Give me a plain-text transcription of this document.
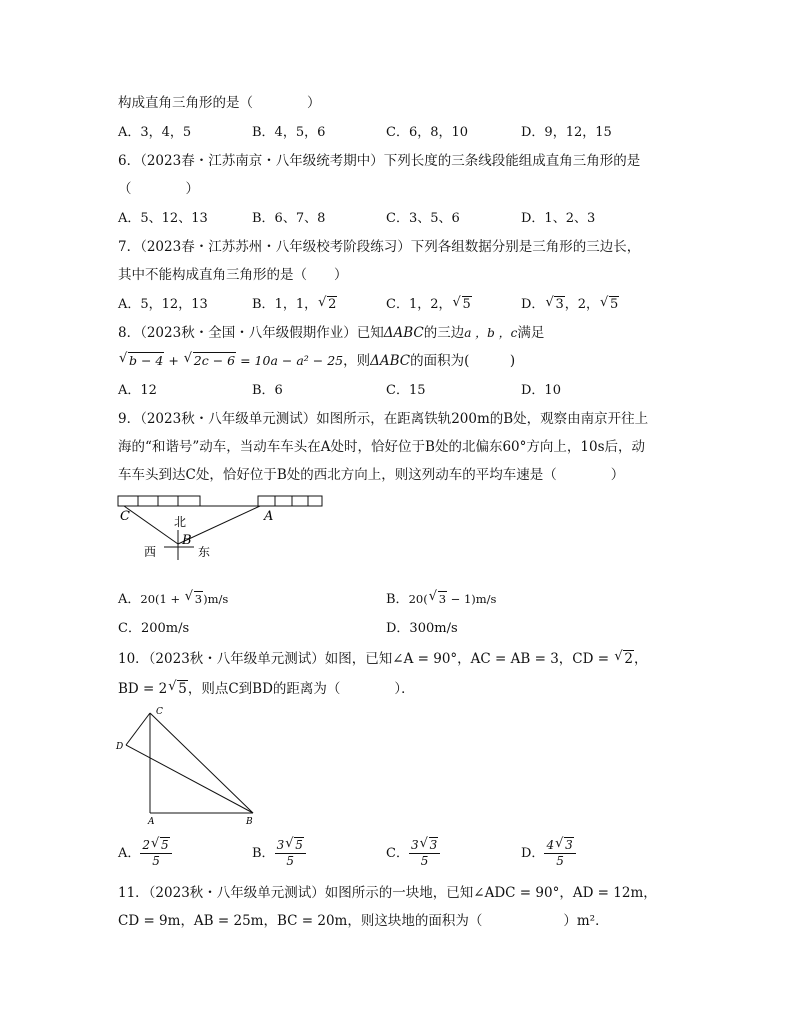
构成直角三角形的是（　　　　）
A．3，4，5	B．4，5，6	C．6，8，10	D．9，12，15
6．（2023春・江苏南京・八年级统考期中）下列长度的三条线段能组成直角三角形的是
（　　　　）
A．5、12、13	B．6、7、8	C．3、5、6	D．1、2、3
7．（2023春・江苏苏州・八年级校考阶段练习）下列各组数据分别是三角形的三边长，
其中不能构成直角三角形的是（　　）
A．5，12，13	B．1，1， √ 2	C．1，2， √ 5	D． √ 3，2， √ 5
8．（2023秋・全国・八年级假期作业）已知ΔABC的三边a ，b ，c满足
√ b − 4 + √ 2c − 6 = 10a − a² − 25，则ΔABC的面积为(　　　)
A．12	B．6	C．15	D．10
9．（2023秋・八年级单元测试）如图所示，在距离铁轨200m的B处，观察由南京开往上
海的“和谐号”动车，当动车车头在A处时，恰好位于B处的北偏东60°方向上，10s后，动
车车头到达C处，恰好位于B处的西北方向上，则这列动车的平均车速是（　　　　）
C	A
B
北
西	东
A．20(1 + √ 3)m/s	B．20( √ 3 − 1)m/s
C．200m/s	D．300m/s
10．（2023秋・八年级单元测试）如图，已知∠A = 90°，AC = AB = 3，CD = √ 2，
BD = 2 √ 5，则点C到BD的距离为（　　　　）．
C
D
A	B
A． $\frac{2 √ 5}{5}$	B． $\frac{3 √ 5}{5}$	C． $\frac{3 √ 3}{5}$	D． $\frac{4 √ 3}{5}$
11．（2023秋・八年级单元测试）如图所示的一块地，已知∠ADC = 90°，AD = 12m，
CD = 9m，AB = 25m，BC = 20m，则这块地的面积为（　　　　　　）m²．
